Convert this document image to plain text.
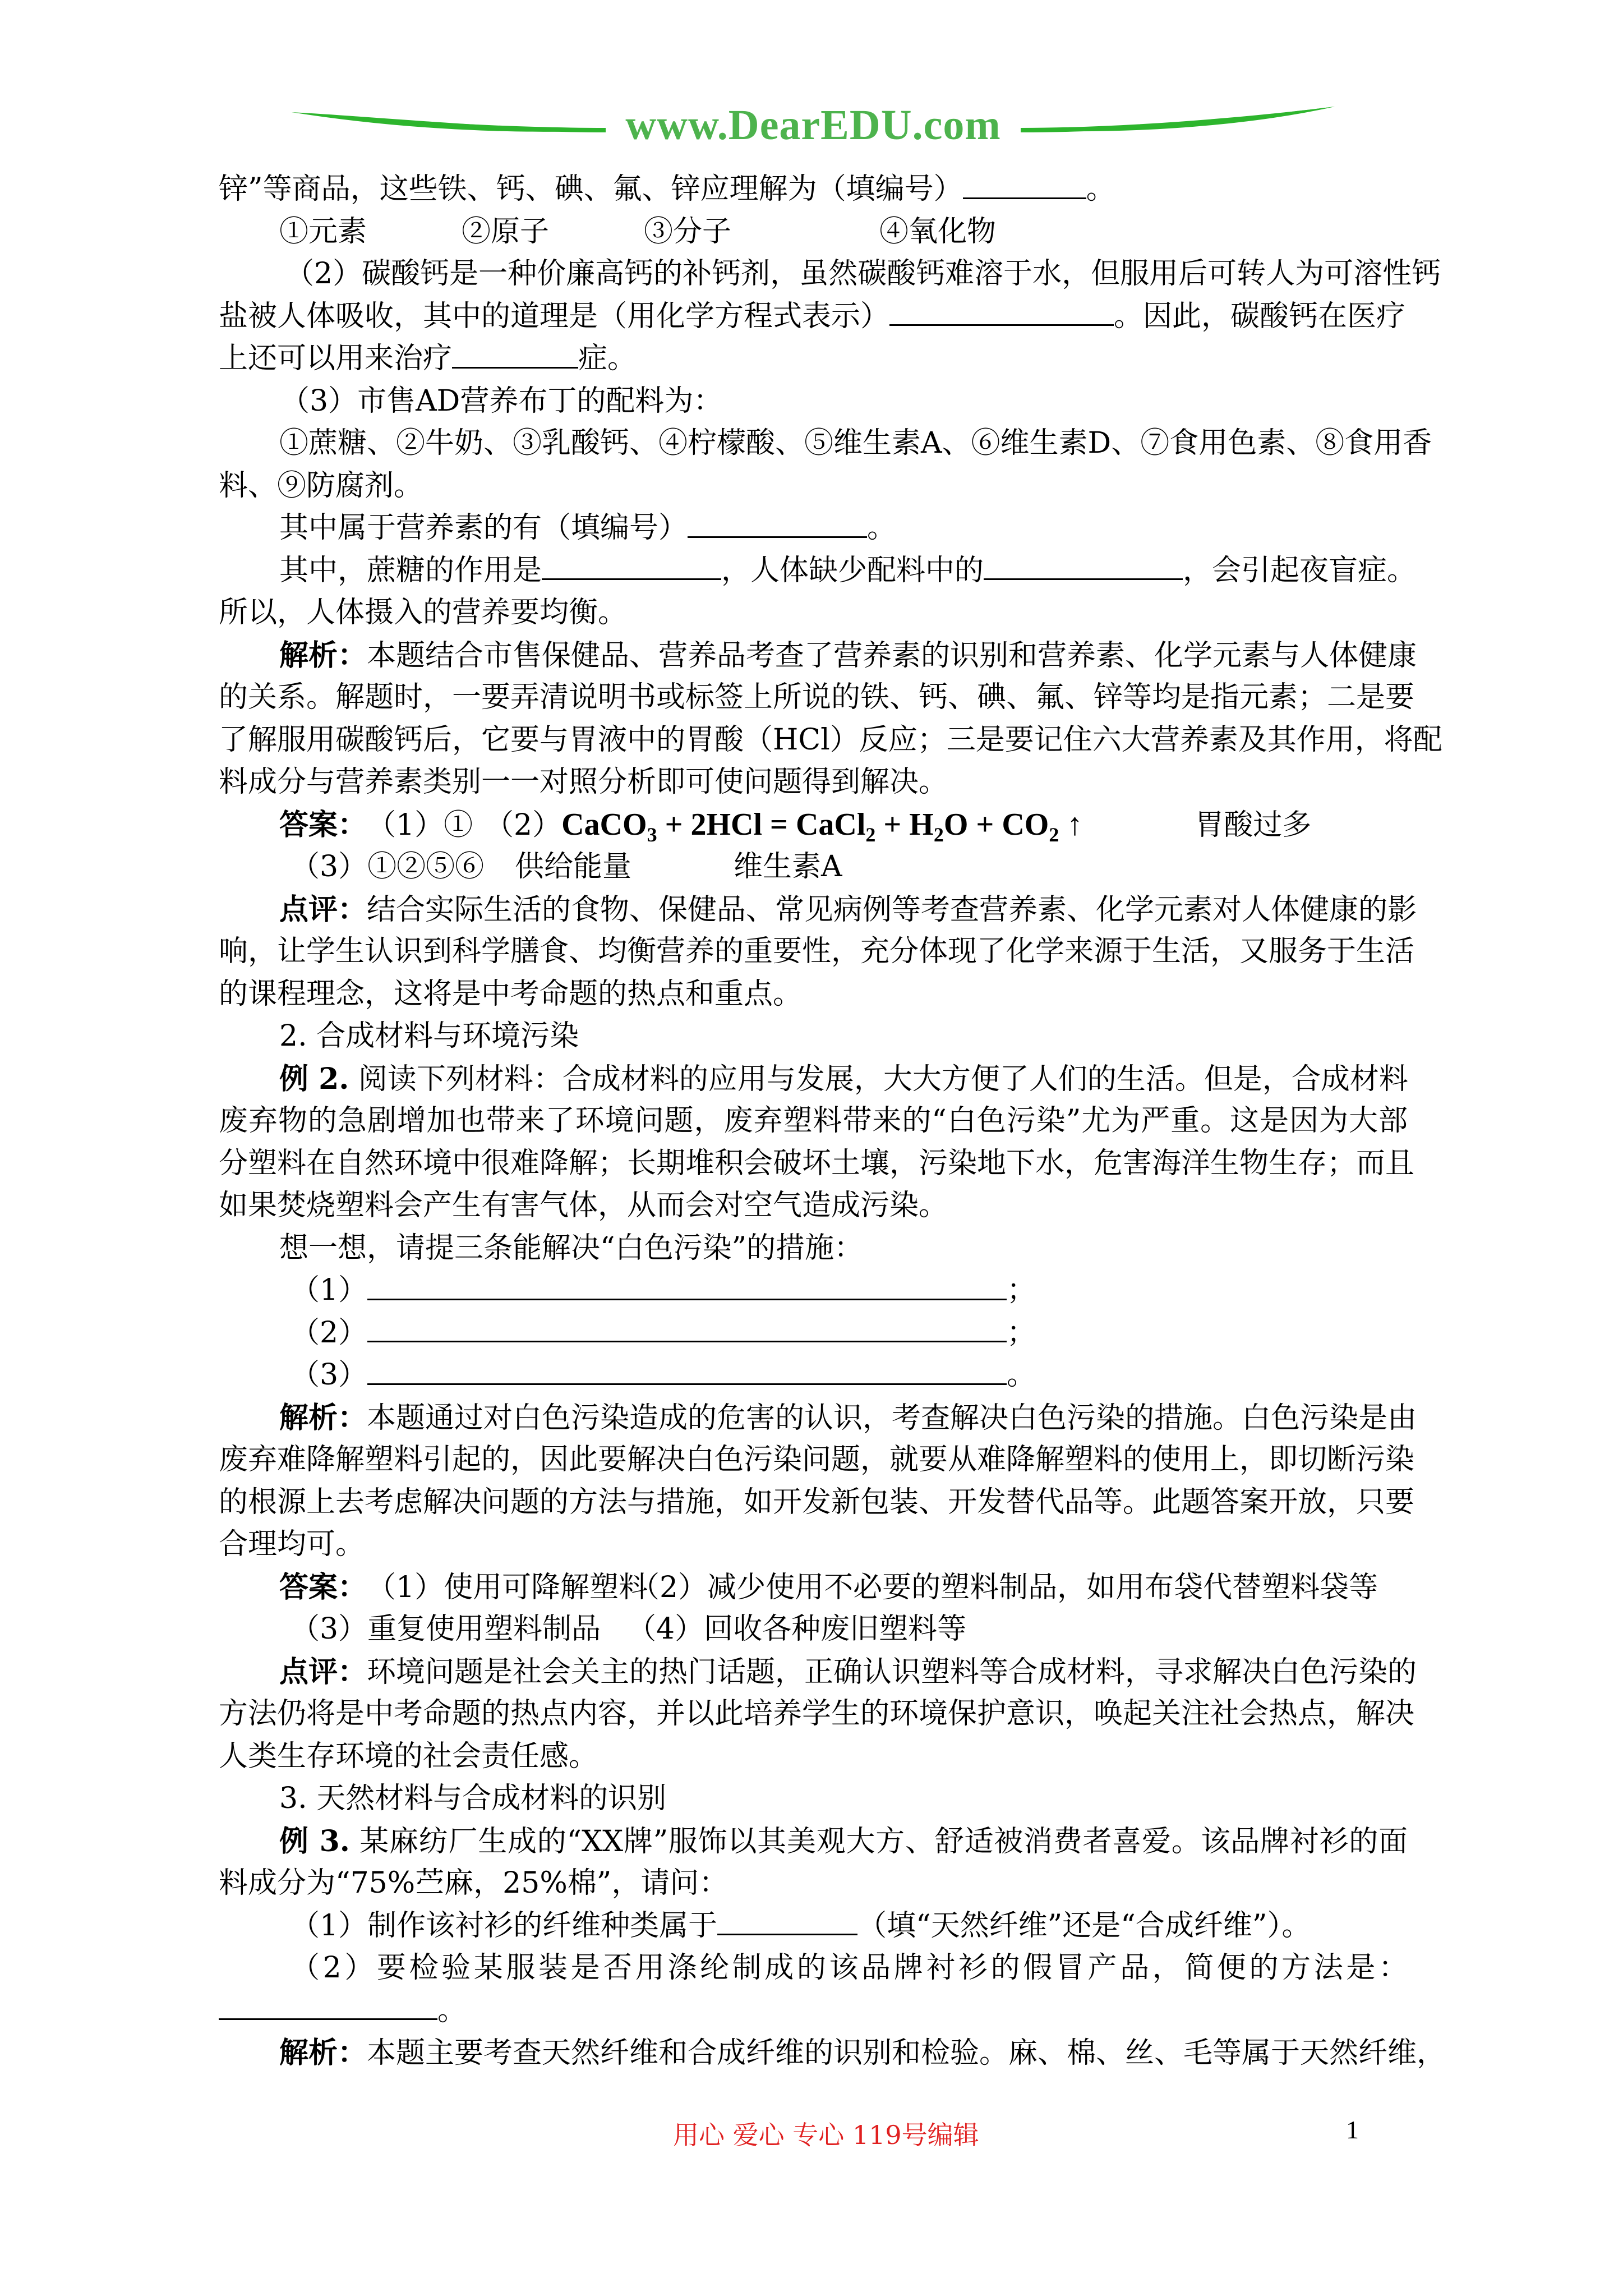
www.DearEDU.com
锌”等商品，这些铁、钙、碘、氟、锌应理解为（填编号）	。
①元素	②原子	③分子	④氧化物
（2）碳酸钙是一种价廉高钙的补钙剂，虽然碳酸钙难溶于水，但服用后可转人为可溶性钙
盐被人体吸收，其中的道理是（用化学方程式表示）	。因此，碳酸钙在医疗
上还可以用来治疗	症。
（3）市售AD营养布丁的配料为：
①蔗糖、②牛奶、③乳酸钙、④柠檬酸、⑤维生素A、⑥维生素D、⑦食用色素、⑧食用香
料、⑨防腐剂。
其中属于营养素的有（填编号）	。
其中，蔗糖的作用是	，人体缺少配料中的	，会引起夜盲症。
所以，人体摄入的营养要均衡。
解析：本题结合市售保健品、营养品考查了营养素的识别和营养素、化学元素与人体健康
的关系。解题时，一要弄清说明书或标签上所说的铁、钙、碘、氟、锌等均是指元素；二是要
了解服用碳酸钙后，它要与胃液中的胃酸（HCl）反应；三是要记住六大营养素及其作用，将配
料成分与营养素类别一一对照分析即可使问题得到解决。
答案：（1）① （2）CaCO$_3$ + 2HCl = CaCl$_2$ + $H_2O + CO_2$ ↑	胃酸过多
（3）①②⑤⑥ 供给能量	维生素A
点评：结合实际生活的食物、保健品、常见病例等考查营养素、化学元素对人体健康的影
响，让学生认识到科学膳食、均衡营养的重要性，充分体现了化学来源于生活，又服务于生活
的课程理念，这将是中考命题的热点和重点。
2. 合成材料与环境污染
例 2. 阅读下列材料：合成材料的应用与发展，大大方便了人们的生活。但是，合成材料
废弃物的急剧增加也带来了环境问题，废弃塑料带来的“白色污染”尤为严重。这是因为大部
分塑料在自然环境中很难降解；长期堆积会破坏土壤，污染地下水，危害海洋生物生存；而且
如果焚烧塑料会产生有害气体，从而会对空气造成污染。
想一想，请提三条能解决“白色污染”的措施：
（1）	；
（2）	；
（3）	。
解析：本题通过对白色污染造成的危害的认识，考查解决白色污染的措施。白色污染是由
废弃难降解塑料引起的，因此要解决白色污染问题，就要从难降解塑料的使用上，即切断污染
的根源上去考虑解决问题的方法与措施，如开发新包装、开发替代品等。此题答案开放，只要
合理均可。
答案：（1）使用可降解塑料（2）减少使用不必要的塑料制品，如用布袋代替塑料袋等
（3）重复使用塑料制品 （4）回收各种废旧塑料等
点评：环境问题是社会关主的热门话题，正确认识塑料等合成材料，寻求解决白色污染的
方法仍将是中考命题的热点内容，并以此培养学生的环境保护意识，唤起关注社会热点，解决
人类生存环境的社会责任感。
3. 天然材料与合成材料的识别
例 3. 某麻纺厂生成的“XX牌”服饰以其美观大方、舒适被消费者喜爱。该品牌衬衫的面
料成分为“75%苎麻，25%棉”，请问：
（1）制作该衬衫的纤维种类属于	（填“天然纤维”还是“合成纤维”）。
（2）要检验某服装是否用涤纶制成的该品牌衬衫的假冒产品，简便的方法是：
。
解析：本题主要考查天然纤维和合成纤维的识别和检验。麻、棉、丝、毛等属于天然纤维，
用心 爱心 专心 119号编辑	1
